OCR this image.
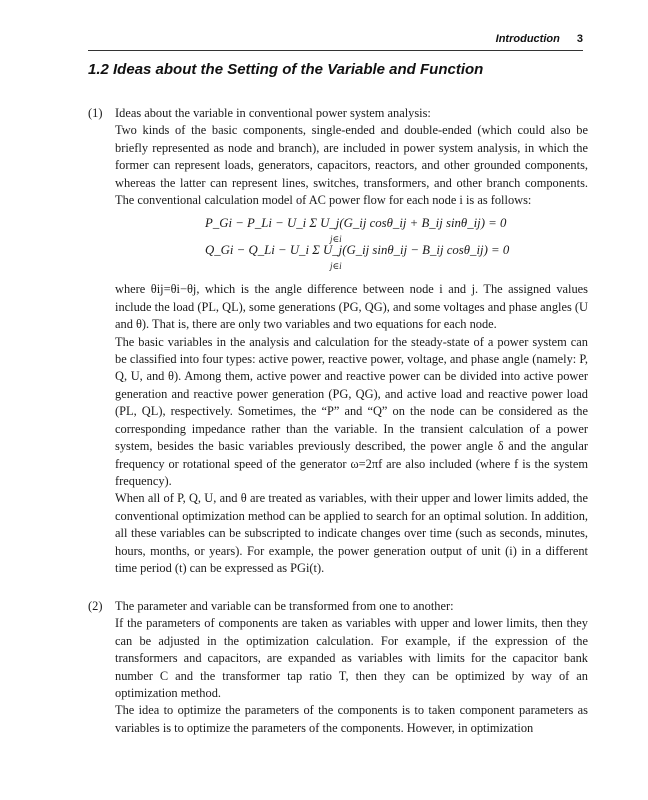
Introduction 3
1.2 Ideas about the Setting of the Variable and Function
(1) Ideas about the variable in conventional power system analysis:

Two kinds of the basic components, single-ended and double-ended (which could also be briefly represented as node and branch), are included in power system analysis, in which the former can represent loads, generators, capacitors, reactors, and other grounded components, whereas the latter can represent lines, switches, transformers, and other branch components. The conventional calculation model of AC power flow for each node i is as follows:

P_Gi − P_Li − U_i Σ U_j(G_ij cosθ_ij + B_ij sinθ_ij) = 0
j∈i
Q_Gi − Q_Li − U_i Σ U_j(G_ij sinθ_ij − B_ij cosθ_ij) = 0
j∈i

where θij=θi−θj, which is the angle difference between node i and j. The assigned values include the load (PL, QL), some generations (PG, QG), and some voltages and phase angles (U and θ). That is, there are only two variables and two equations for each node.

The basic variables in the analysis and calculation for the steady-state of a power system can be classified into four types: active power, reactive power, voltage, and phase angle (namely: P, Q, U, and θ). Among them, active power and reactive power can be divided into active power generation and reactive power generation (PG, QG), and active load and reactive power load (PL, QL), respectively. Sometimes, the “P” and “Q” on the node can be considered as the corresponding impedance rather than the variable. In the transient calculation of a power system, besides the basic variables previously described, the power angle δ and the angular frequency or rotational speed of the generator ω=2πf are also included (where f is the system frequency).

When all of P, Q, U, and θ are treated as variables, with their upper and lower limits added, the conventional optimization method can be applied to search for an optimal solution. In addition, all these variables can be subscripted to indicate changes over time (such as seconds, minutes, hours, months, or years). For example, the power generation output of unit (i) in a different time period (t) can be expressed as PGi(t).

(2) The parameter and variable can be transformed from one to another:

If the parameters of components are taken as variables with upper and lower limits, then they can be adjusted in the optimization calculation. For example, if the expression of the transformers and capacitors, are expanded as variables with limits for the capacitor bank number C and the transformer tap ratio T, then they can be optimized by way of an optimization method.

The idea to optimize the parameters of the components is to taken component parameters as variables is to optimize the parameters of the components. However, in optimization
